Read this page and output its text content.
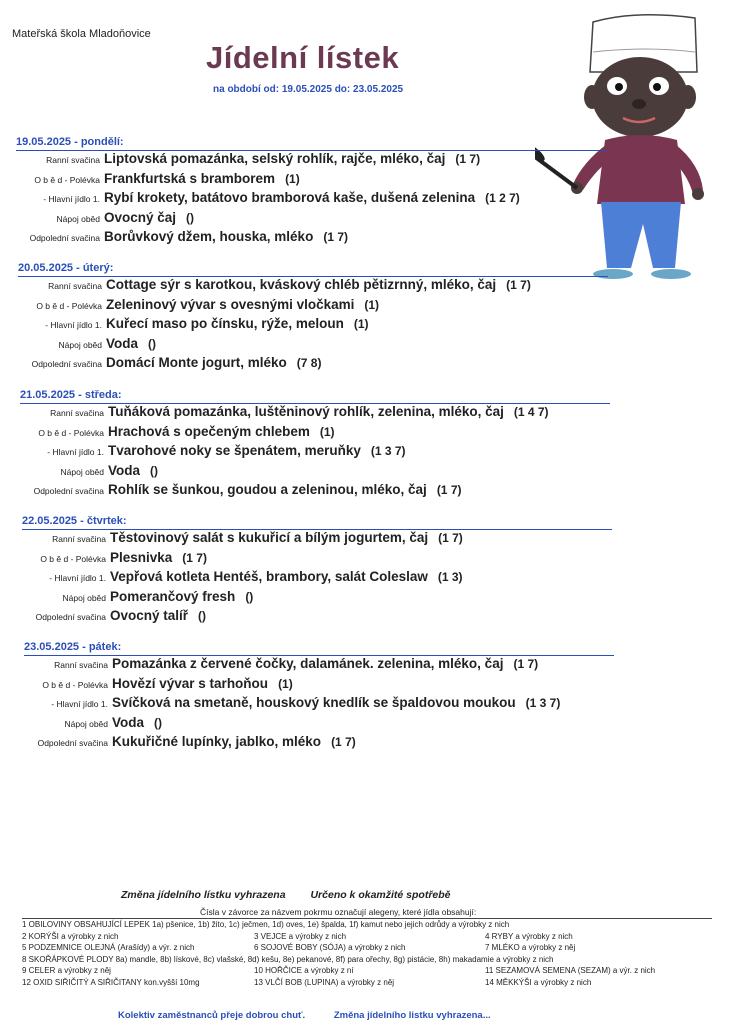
Mateřská škola Mladoňovice
Jídelní lístek
na období od: 19.05.2025 do: 23.05.2025
19.05.2025 - pondělí:
Ranní svačina Liptovská pomazánka, selský rohlík, rajče, mléko, čaj (1 7)
O b ě d - Polévka Frankfurtská s bramborem (1)
- Hlavní jídlo 1. Rybí krokety, batátovo bramborová kaše, dušená zelenina (1 2 7)
Nápoj oběd Ovocný čaj ()
Odpolední svačina Borůvkový džem, houska, mléko (1 7)
20.05.2025 - úterý:
Ranní svačina Cottage sýr s karotkou, kváskový chléb pětizrnný, mléko, čaj (1 7)
O b ě d - Polévka Zeleninový vývar s ovesnými vločkami (1)
- Hlavní jídlo 1. Kuřecí maso po čínsku, rýže, meloun (1)
Nápoj oběd Voda ()
Odpolední svačina Domácí Monte jogurt, mléko (7 8)
21.05.2025 - středa:
Ranní svačina Tuňáková pomazánka, luštěninový rohlík, zelenina, mléko, čaj (1 4 7)
O b ě d - Polévka Hrachová s opečeným chlebem (1)
- Hlavní jídlo 1. Tvarohové noky se špenátem, meruňky (1 3 7)
Nápoj oběd Voda ()
Odpolední svačina Rohlík se šunkou, goudou a zeleninou, mléko, čaj (1 7)
22.05.2025 - čtvrtek:
Ranní svačina Těstovinový salát s kukuřicí a bílým jogurtem, čaj (1 7)
O b ě d - Polévka Plesnivka (1 7)
- Hlavní jídlo 1. Vepřová kotleta Hentéš, brambory, salát Coleslaw (1 3)
Nápoj oběd Pomerančový fresh ()
Odpolední svačina Ovocný talíř ()
23.05.2025 - pátek:
Ranní svačina Pomazánka z červené čočky, dalamánek. zelenina, mléko, čaj (1 7)
O b ě d - Polévka Hovězí vývar s tarhoňou (1)
- Hlavní jídlo 1. Svíčková na smetaně, houskový knedlík se špaldovou moukou (1 3 7)
Nápoj oběd Voda ()
Odpolední svačina Kukuřičné lupínky, jablko, mléko (1 7)
Změna jídelního lístku vyhrazena Určeno k okamžité spotřebě
Čísla v závorce za názvem pokrmu označují alegeny, které jídla obsahují:
1 OBILOVINY OBSAHUJÍCÍ LEPEK 1a) pšenice, 1b) žito, 1c) ječmen, 1d) oves, 1e) špalda, 1f) kamut nebo jejich odrůdy a výrobky z nich
2 KORÝŠI a výrobky z nich	3 VEJCE a výrobky z nich	4 RYBY a výrobky z nich
5 PODZEMNICE OLEJNÁ (Arašídy) a výr. z nich	6 SOJOVÉ BOBY (SÓJA) a výrobky z nich	7 MLÉKO a výrobky z něj
8 SKOŘÁPKOVÉ PLODY 8a) mandle, 8b) lískové, 8c) vlašské, 8d) kešu, 8e) pekanové, 8f) para ořechy, 8g) pistácie, 8h) makadamie a výrobky z nich
9 CELER a výrobky z něj	10 HOŘČICE a výrobky z ní	11 SEZAMOVÁ SEMENA (SEZAM) a výr. z nich
12 OXID SIŘIČITÝ A SIŘIČITANY kon.vyšší 10mg	13 VLČÍ BOB (LUPINA) a výrobky z něj	14 MĚKKÝŠI a výrobky z nich
Kolektiv zaměstnanců přeje dobrou chuť.	Změna jídelního listku vyhrazena...
